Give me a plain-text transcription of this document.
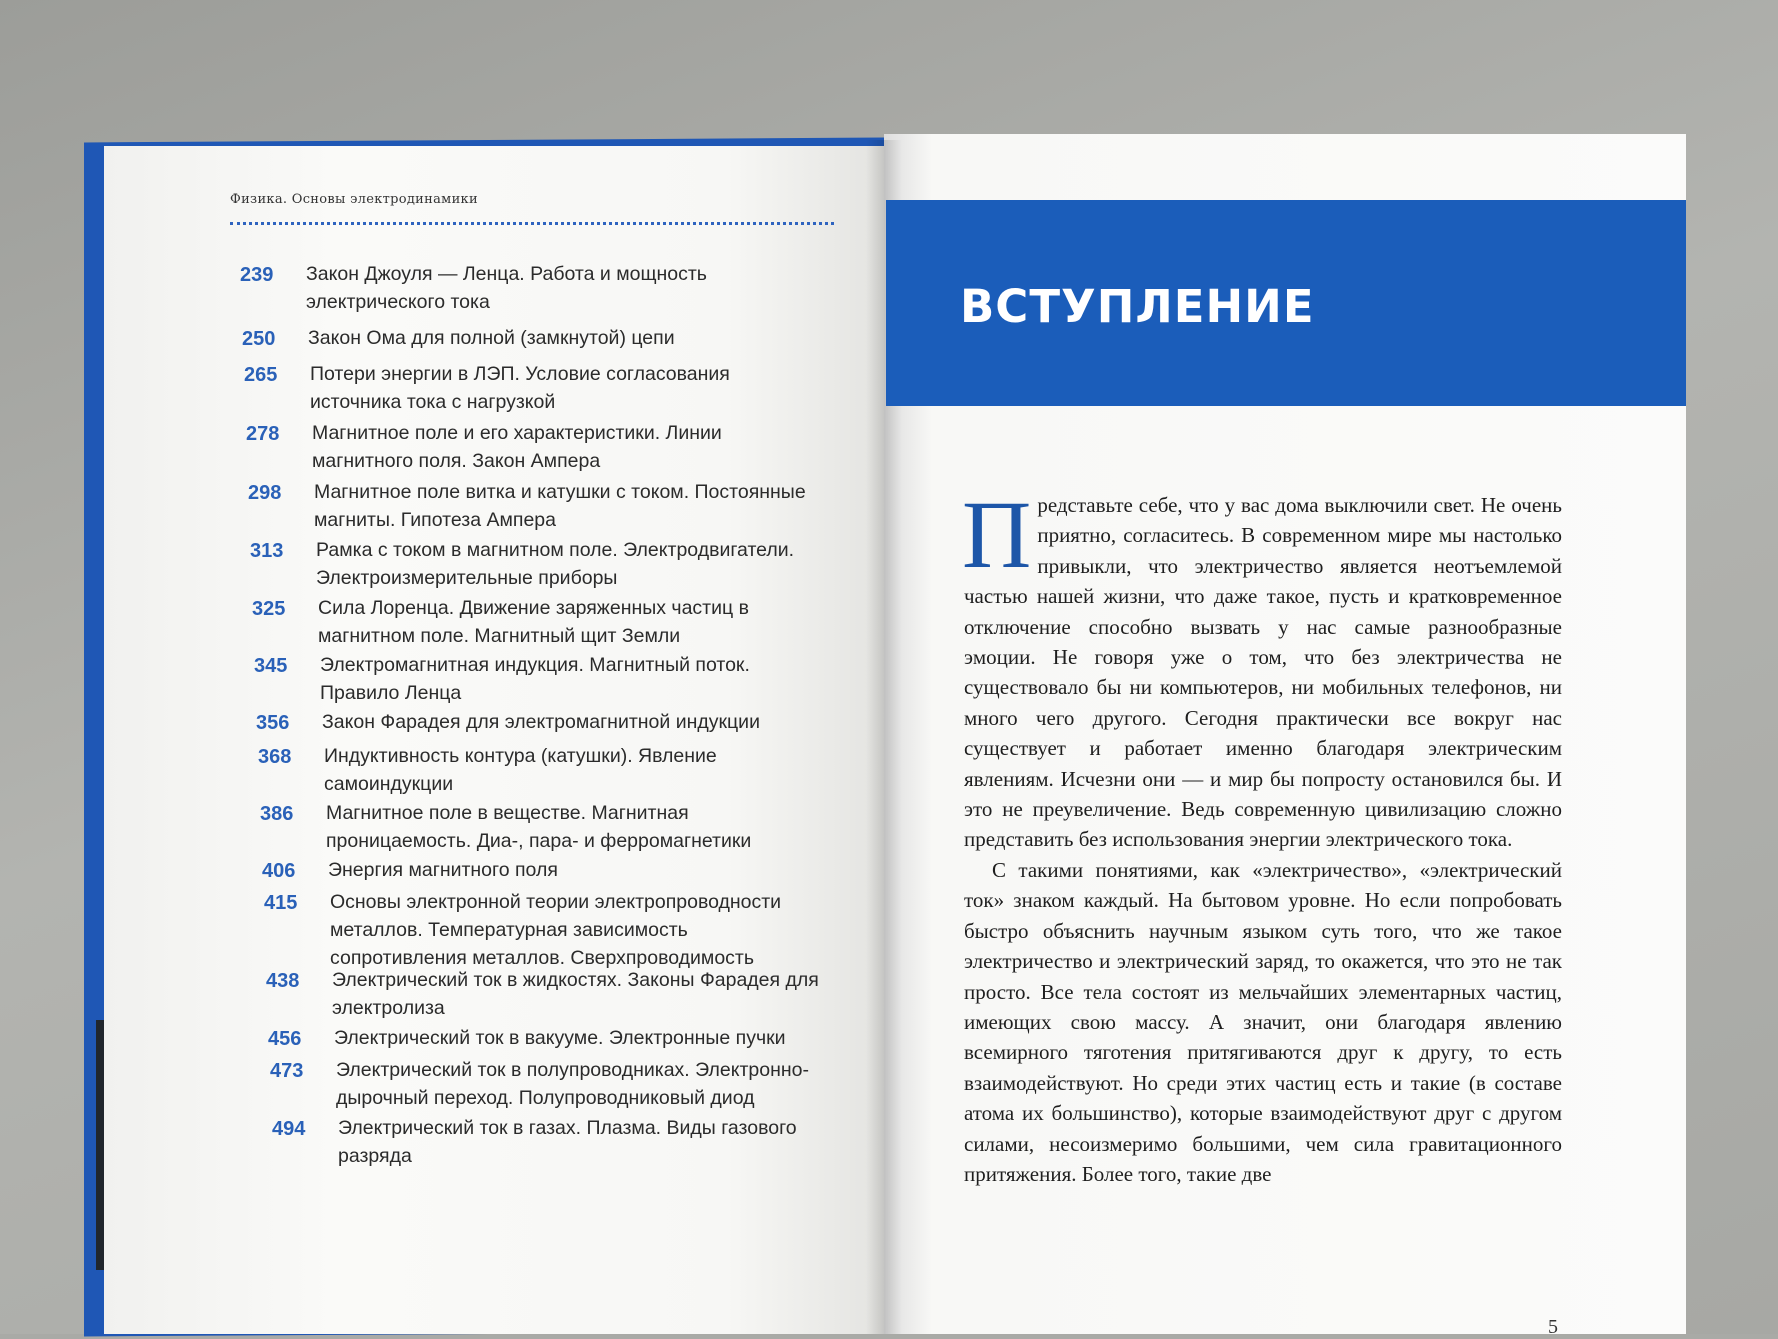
Физика. Основы электродинамики
239	Закон Джоуля — Ленца. Работа и мощность электрического тока
250	Закон Ома для полной (замкнутой) цепи
265	Потери энергии в ЛЭП. Условие согласования источника тока с нагрузкой
278	Магнитное поле и его характеристики. Линии магнитного поля. Закон Ампера
298	Магнитное поле витка и катушки с током. Постоянные магниты. Гипотеза Ампера
313	Рамка с током в магнитном поле. Электродвигатели. Электроизмерительные приборы
325	Сила Лоренца. Движение заряженных частиц в магнитном поле. Магнитный щит Земли
345	Электромагнитная индукция. Магнитный поток. Правило Ленца
356	Закон Фарадея для электромагнитной индукции
368	Индуктивность контура (катушки). Явление самоиндукции
386	Магнитное поле в веществе. Магнитная проницаемость. Диа-, пара- и ферромагнетики
406	Энергия магнитного поля
415	Основы электронной теории электропроводности металлов. Температурная зависимость сопротивления металлов. Сверхпроводимость
438	Электрический ток в жидкостях. Законы Фарадея для электролиза
456	Электрический ток в вакууме. Электронные пучки
473	Электрический ток в полупроводниках. Электронно-дырочный переход. Полупроводниковый диод
494	Электрический ток в газах. Плазма. Виды газового разряда
ВСТУПЛЕНИЕ

Представьте себе, что у вас дома выключили свет. Не очень приятно, согласитесь. В современном мире мы настолько привыкли, что электричество является неотъемлемой частью нашей жизни, что даже такое, пусть и кратковременное отключение способно вызвать у нас самые разнообразные эмоции. Не говоря уже о том, что без электричества не существовало бы ни компьютеров, ни мобильных телефонов, ни много чего другого. Сегодня практически все вокруг нас существует и работает именно благодаря электрическим явлениям. Исчезни они — и мир бы попросту остановился бы. И это не преувеличение. Ведь современную цивилизацию сложно представить без использования энергии электрического тока.

С такими понятиями, как «электричество», «электрический ток» знаком каждый. На бытовом уровне. Но если попробовать быстро объяснить научным языком суть того, что же такое электричество и электрический заряд, то окажется, что это не так просто. Все тела состоят из мельчайших элементарных частиц, имеющих свою массу. А значит, они благодаря явлению всемирного тяготения притягиваются друг к другу, то есть взаимодействуют. Но среди этих частиц есть и такие (в составе атома их большинство), которые взаимодействуют друг с другом силами, несоизмеримо большими, чем сила гравитационного притяжения. Более того, такие две

5
